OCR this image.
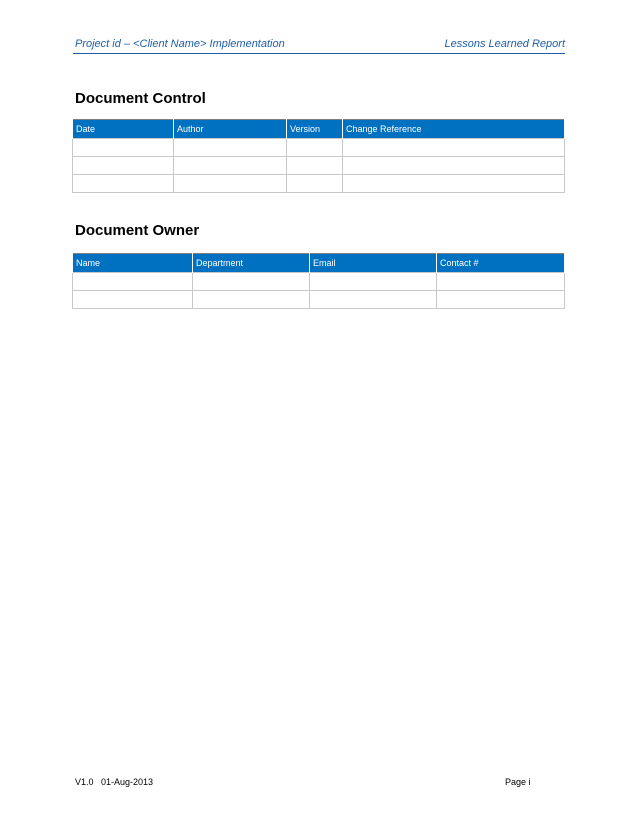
Project id – <Client Name> Implementation	Lessons Learned Report
Document Control
Date	Author	Version	Change Reference

Document Owner
Name	Department	Email	Contact #

V1.0 01-Aug-2013	Page i
